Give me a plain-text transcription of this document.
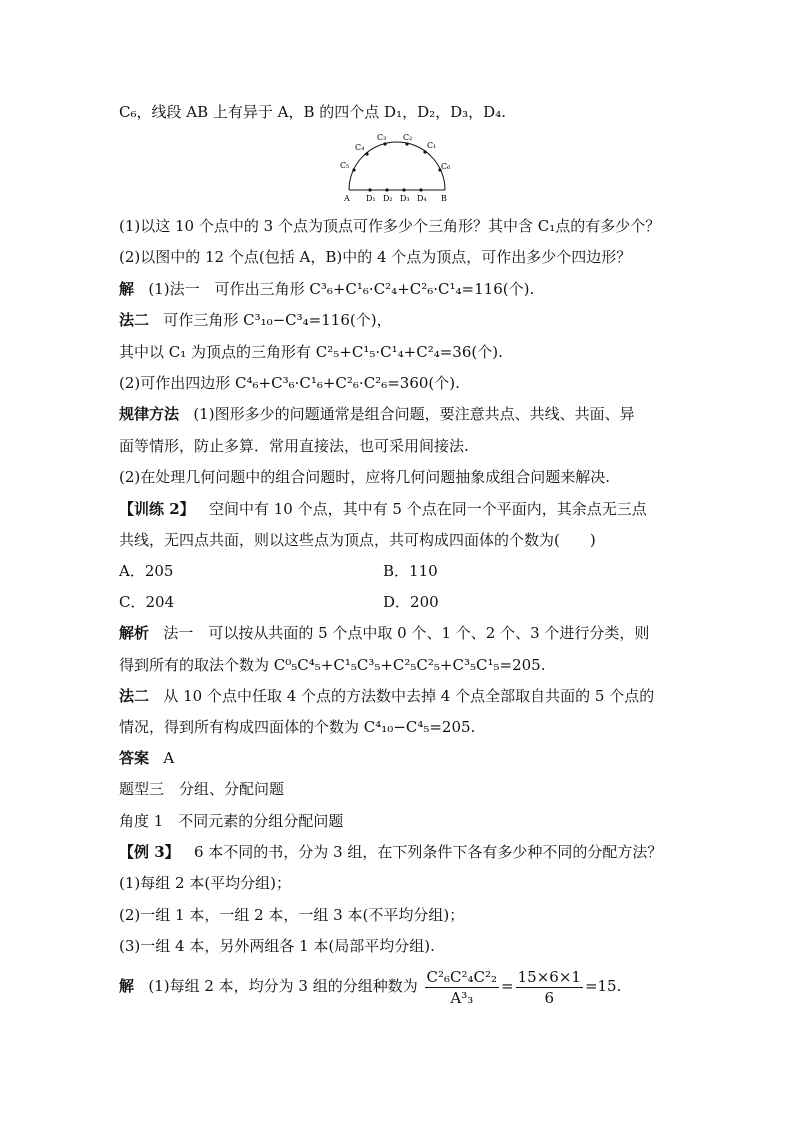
C₆，线段 AB 上有异于 A，B 的四个点 D₁，D₂，D₃，D₄.
C₅
C₄
C₃ C₂
C₁
C₆
A D₁ D₂ D₃ D₄ B
(1)以这 10 个点中的 3 个点为顶点可作多少个三角形？其中含 C₁点的有多少个？
(2)以图中的 12 个点(包括 A，B)中的 4 个点为顶点，可作出多少个四边形？
解 (1)法一　可作出三角形 C³₆+C¹₆·C²₄+C²₆·C¹₄=116(个).
法二 可作三角形 C³₁₀−C³₄=116(个)，
其中以 C₁ 为顶点的三角形有 C²₅+C¹₅·C¹₄+C²₄=36(个).
(2)可作出四边形 C⁴₆+C³₆·C¹₆+C²₆·C²₆=360(个).
规律方法 (1)图形多少的问题通常是组合问题，要注意共点、共线、共面、异
面等情形，防止多算．常用直接法，也可采用间接法.
(2)在处理几何问题中的组合问题时，应将几何问题抽象成组合问题来解决.
【训练 2】 空间中有 10 个点，其中有 5 个点在同一个平面内，其余点无三点
共线，无四点共面，则以这些点为顶点，共可构成四面体的个数为(　　)
A．205	B．110
C．204	D．200
解析 法一　可以按从共面的 5 个点中取 0 个、1 个、2 个、3 个进行分类，则
得到所有的取法个数为 C⁰₅C⁴₅+C¹₅C³₅+C²₅C²₅+C³₅C¹₅=205.
法二 从 10 个点中任取 4 个点的方法数中去掉 4 个点全部取自共面的 5 个点的
情况，得到所有构成四面体的个数为 C⁴₁₀−C⁴₅=205.
答案 A
题型三　分组、分配问题
角度 1　不同元素的分组分配问题
【例 3】 6 本不同的书，分为 3 组，在下列条件下各有多少种不同的分配方法？
(1)每组 2 本(平均分组)；
(2)一组 1 本，一组 2 本，一组 3 本(不平均分组)；
(3)一组 4 本，另外两组各 1 本(局部平均分组).
解 (1)每组 2 本，均分为 3 组的分组种数为 $\frac{\text{C²₆C²₄C²₂}}{\text{A³₃}} = \frac{15\times 6\times 1}{6} =15$.
